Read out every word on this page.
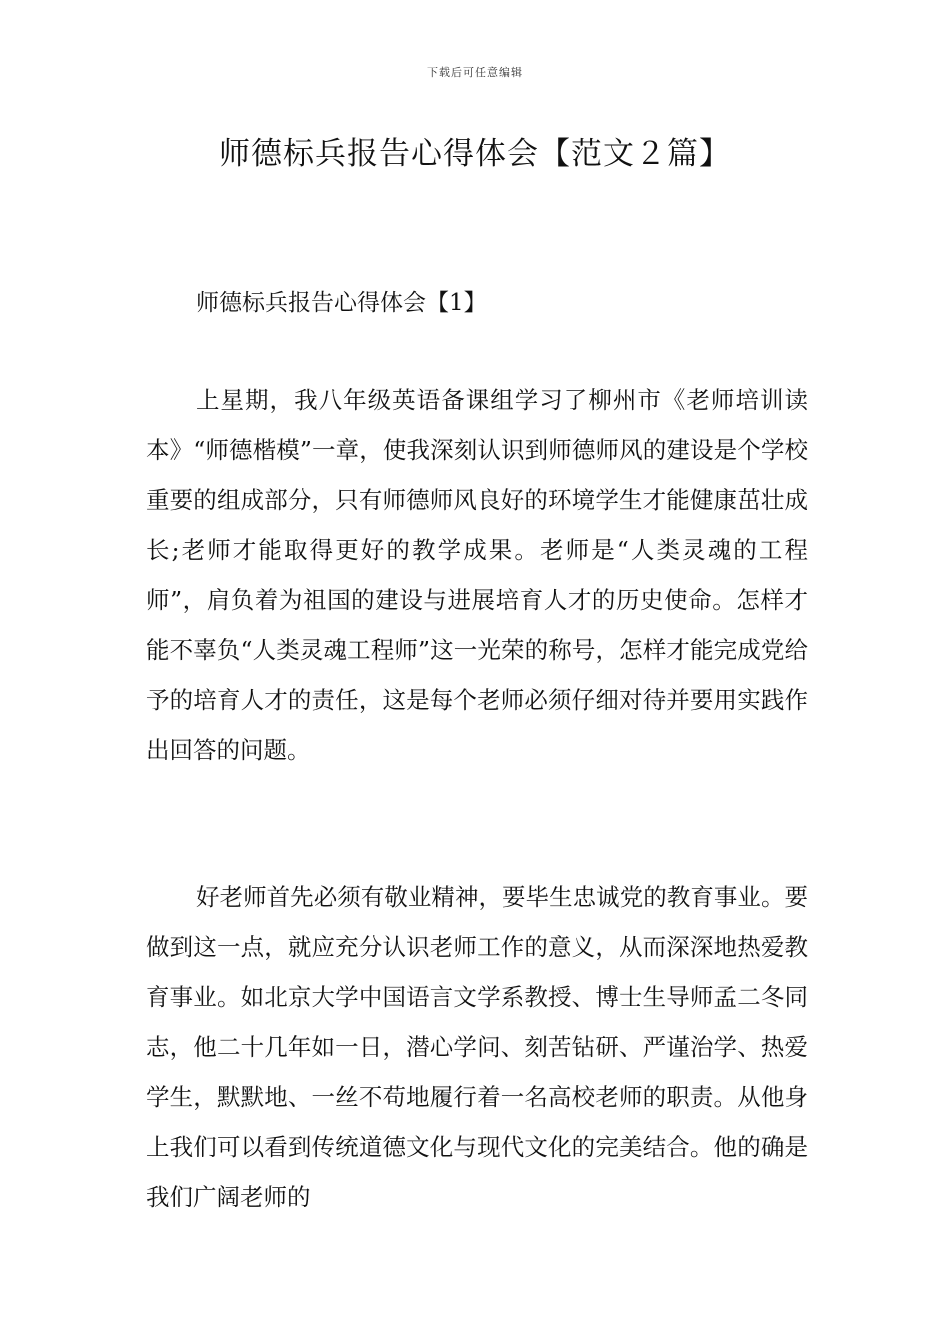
下载后可任意编辑
师德标兵报告心得体会【范文２篇】
师德标兵报告心得体会【1】

上星期，我八年级英语备课组学习了柳州市《老师培训读本》“师德楷模”一章，使我深刻认识到师德师风的建设是个学校重要的组成部分，只有师德师风良好的环境学生才能健康茁壮成长;老师才能取得更好的教学成果。老师是“人类灵魂的工程师”，肩负着为祖国的建设与进展培育人才的历史使命。怎样才能不辜负“人类灵魂工程师”这一光荣的称号，怎样才能完成党给予的培育人才的责任，这是每个老师必须仔细对待并要用实践作出回答的问题。

好老师首先必须有敬业精神，要毕生忠诚党的教育事业。要做到这一点，就应充分认识老师工作的意义，从而深深地热爱教育事业。如北京大学中国语言文学系教授、博士生导师孟二冬同志，他二十几年如一日，潜心学问、刻苦钻研、严谨治学、热爱学生，默默地、一丝不苟地履行着一名高校老师的职责。从他身上我们可以看到传统道德文化与现代文化的完美结合。他的确是我们广阔老师的
